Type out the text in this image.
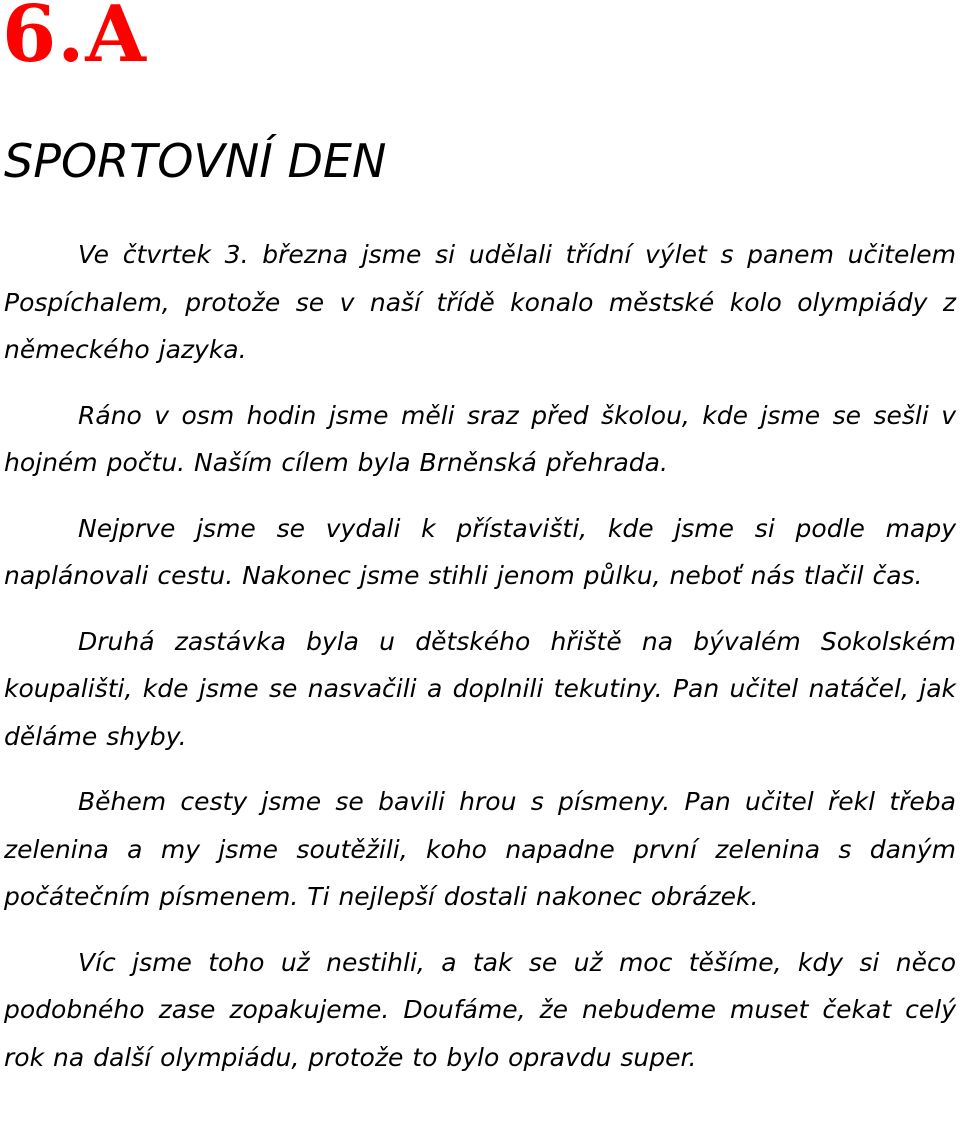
6.A
SPORTOVNÍ DEN

Ve čtvrtek 3. března jsme si udělali třídní výlet s panem učitelem Pospíchalem, protože se v naší třídě konalo městské kolo olympiády z německého jazyka.

Ráno v osm hodin jsme měli sraz před školou, kde jsme se sešli v hojném počtu. Naším cílem byla Brněnská přehrada.

Nejprve jsme se vydali k přístavišti, kde jsme si podle mapy naplánovali cestu. Nakonec jsme stihli jenom půlku, neboť nás tlačil čas.

Druhá zastávka byla u dětského hřiště na bývalém Sokolském koupališti, kde jsme se nasvačili a doplnili tekutiny. Pan učitel natáčel, jak děláme shyby.

Během cesty jsme se bavili hrou s písmeny. Pan učitel řekl třeba zelenina a my jsme soutěžili, koho napadne první zelenina s daným počátečním písmenem. Ti nejlepší dostali nakonec obrázek.

Víc jsme toho už nestihli, a tak se už moc těšíme, kdy si něco podobného zase zopakujeme. Doufáme, že nebudeme muset čekat celý rok na další olympiádu, protože to bylo opravdu super.
